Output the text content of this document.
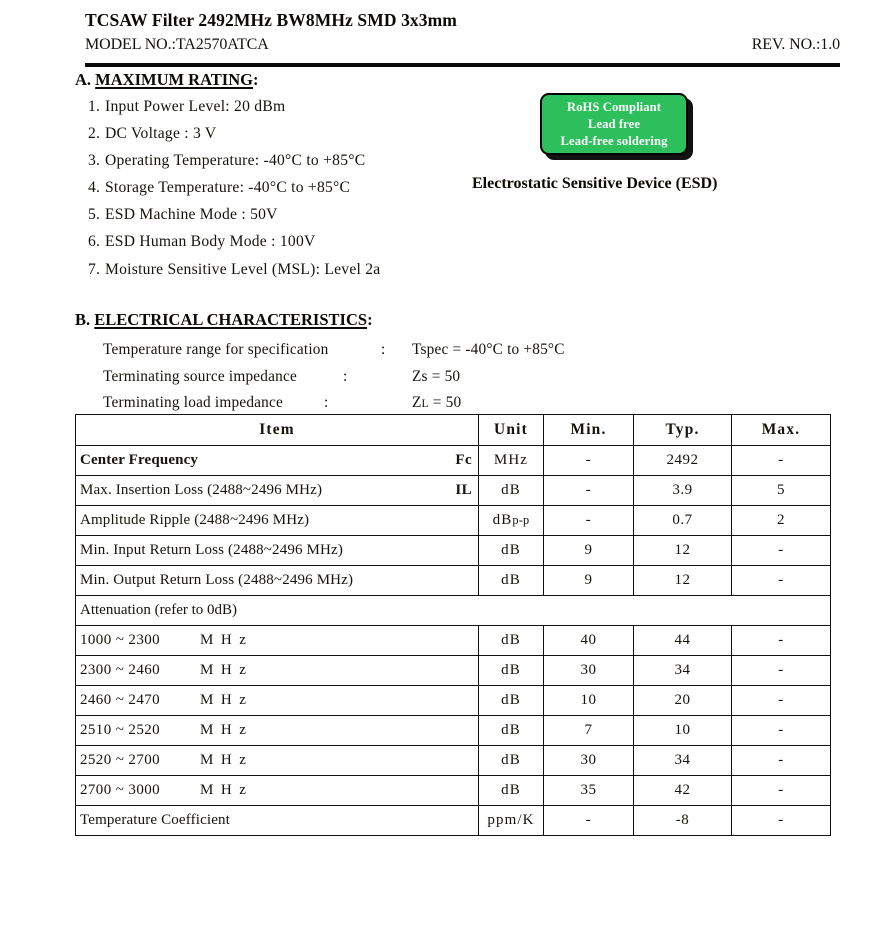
TCSAW Filter 2492MHz BW8MHz SMD 3x3mm
MODEL NO.:TA2570ATCA	REV. NO.:1.0
A. MAXIMUM RATING:
1. Input Power Level: 20 dBm
2. DC Voltage : 3 V
3. Operating Temperature: -40°C to +85°C
4. Storage Temperature: -40°C to +85°C
5. ESD Machine Mode : 50V
6. ESD Human Body Mode : 100V
7. Moisture Sensitive Level (MSL): Level 2a
RoHS Compliant
Lead free
Lead-free soldering
Electrostatic Sensitive Device (ESD)
B. ELECTRICAL CHARACTERISTICS:
Temperature range for specification	: Tspec = -40°C to +85°C
Terminating source impedance	:	Zs = 50
Terminating load impedance	:	ZL = 50
Item	Unit	Min.	Typ.	Max.

Center Frequency Fc	MHz	-	2492	-

Max. Insertion Loss (2488~2496 MHz) IL	dB	-	3.9	5
Amplitude Ripple (2488~2496 MHz)	dBp-p	-	0.7	2
Min. Input Return Loss (2488~2496 MHz)	dB	9	12	-
Min. Output Return Loss (2488~2496 MHz)	dB	9	12	-
Attenuation (refer to 0dB)				
1000 ~ 2300 M H z	dB	40	44	-
2300 ~ 2460 M H z	dB	30	34	-
2460 ~ 2470 M H z	dB	10	20	-
2510 ~ 2520 M H z	dB	7	10	-
2520 ~ 2700 M H z	dB	30	34	-
2700 ~ 3000 M H z	dB	35	42	-
Temperature Coefficient	ppm/K	-	-8	-
